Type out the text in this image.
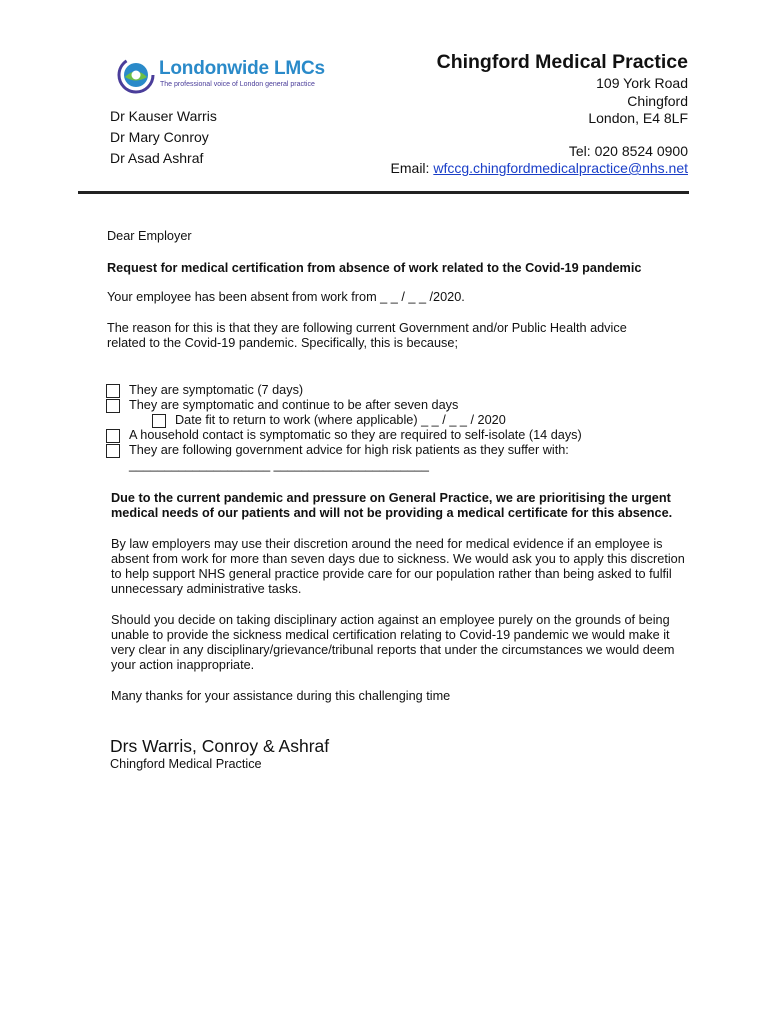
Londonwide LMCs
The professional voice of London general practice
Dr Kauser Warris
Dr Mary Conroy
Dr Asad Ashraf
Chingford Medical Practice
109 York Road
Chingford
London, E4 8LF
Tel: 020 8524 0900
Email: wfccg.chingfordmedicalpractice@nhs.net

Dear Employer

Request for medical certification from absence of work related to the Covid-19 pandemic

Your employee has been absent from work from _ _ / _ _ /2020.

The reason for this is that they are following current Government and/or Public Health advice related to the Covid-19 pandemic. Specifically, this is because;

They are symptomatic (7 days)
They are symptomatic and continue to be after seven days
Date fit to return to work (where applicable) _ _ / _ _ / 2020
A household contact is symptomatic so they are required to self-isolate (14 days)
They are following government advice for high risk patients as they suffer with:
____________________ ______________________

Due to the current pandemic and pressure on General Practice, we are prioritising the urgent medical needs of our patients and will not be providing a medical certificate for this absence.

By law employers may use their discretion around the need for medical evidence if an employee is absent from work for more than seven days due to sickness. We would ask you to apply this discretion to help support NHS general practice provide care for our population rather than being asked to fulfil unnecessary administrative tasks.

Should you decide on taking disciplinary action against an employee purely on the grounds of being unable to provide the sickness medical certification relating to Covid-19 pandemic we would make it very clear in any disciplinary/grievance/tribunal reports that under the circumstances we would deem your action inappropriate.

Many thanks for your assistance during this challenging time

Drs Warris, Conroy & Ashraf
Chingford Medical Practice
